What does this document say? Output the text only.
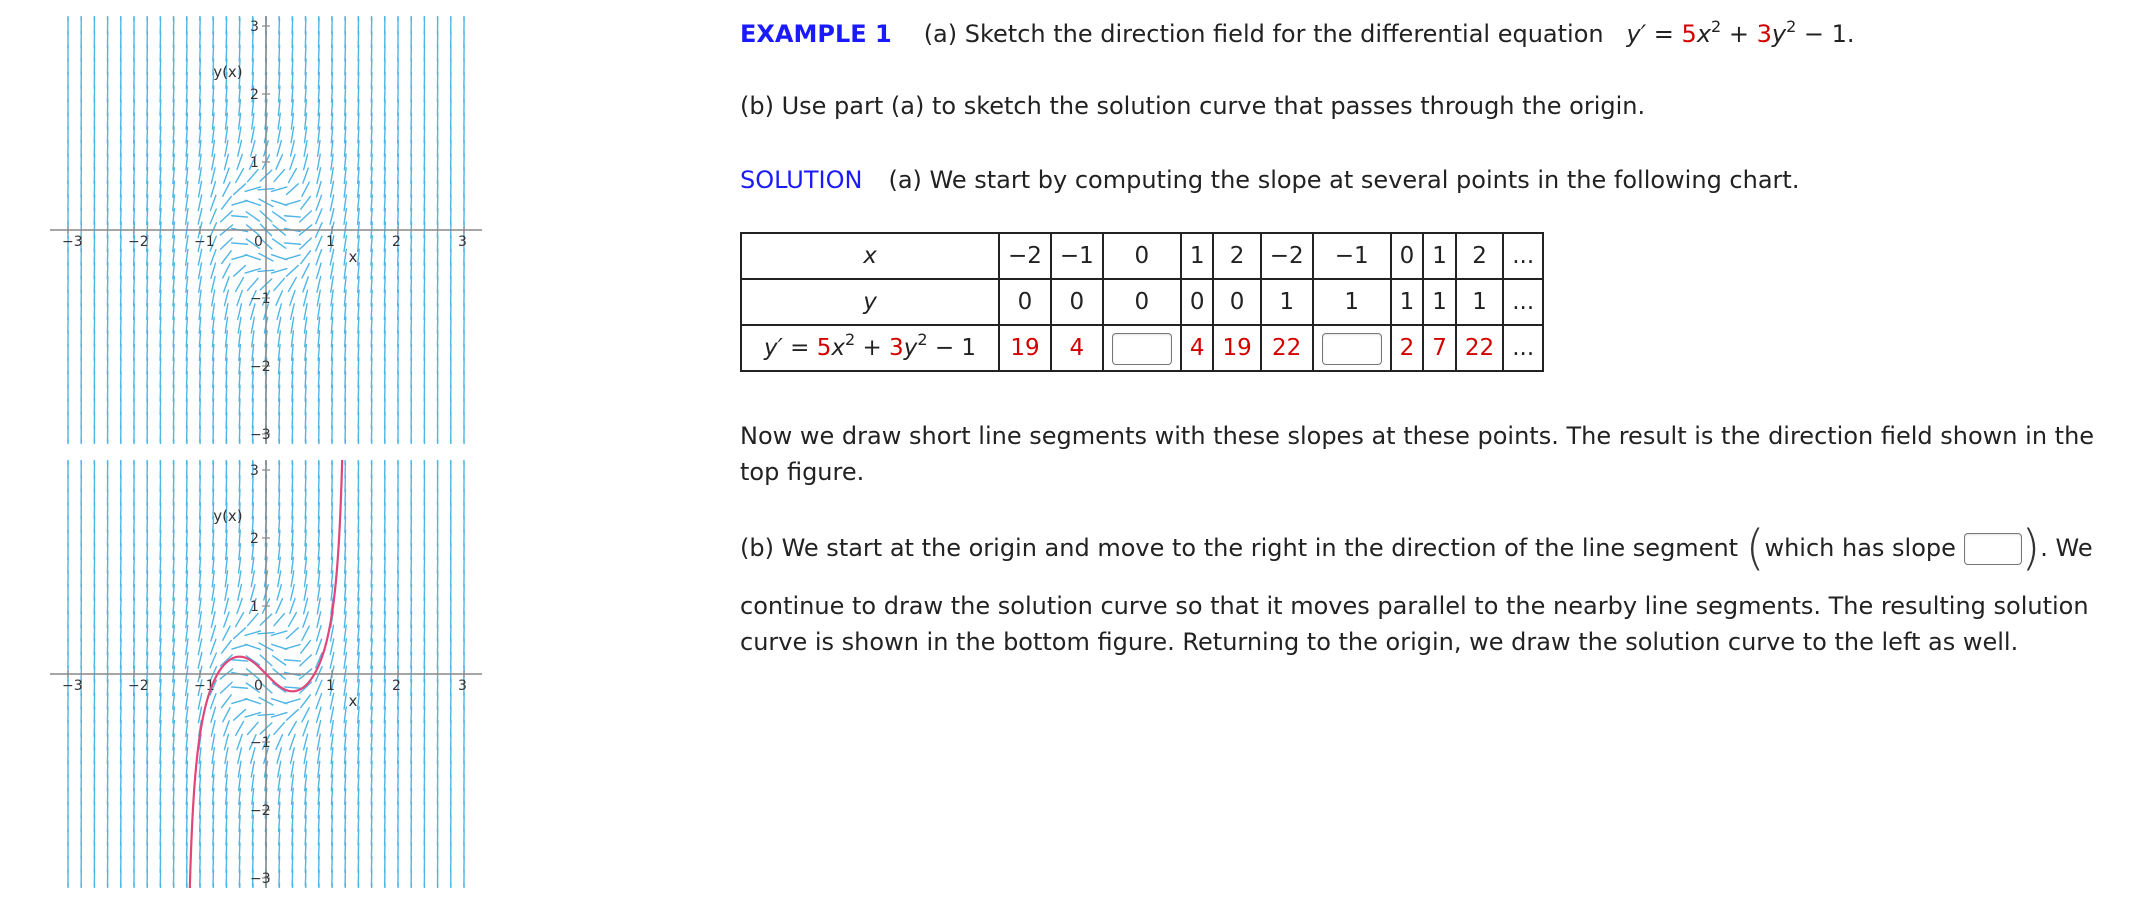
−3	−2	−1	0	1	2	3
3
2
1
−1
−2
−3
x
y(x)
−3	−2	−1	0	1	2	3
3
2
1
−1
−2
−3
x
y(x)
EXAMPLE 1 (a) Sketch the direction field for the differential equation $y' = 5x^2 + 3y^2 - 1$.
(b) Use part (a) to sketch the solution curve that passes through the origin.
SOLUTION (a) We start by computing the slope at several points in the following chart.
x	−2	−1	0	1	2	−2	−1	0	1	2	...
y	0	0	0	0	0	1	1	1	1	1	...
$y' = 5x^2 + 3y^2 - 1$	19	4		4	19	22		2	7	22	...
Now we draw short line segments with these slopes at these points. The result is the direction field shown in the top figure.
(b) We start at the origin and move to the right in the direction of the line segment (which has slope ). We
continue to draw the solution curve so that it moves parallel to the nearby line segments. The resulting solution curve is shown in the bottom figure. Returning to the origin, we draw the solution curve to the left as well.
